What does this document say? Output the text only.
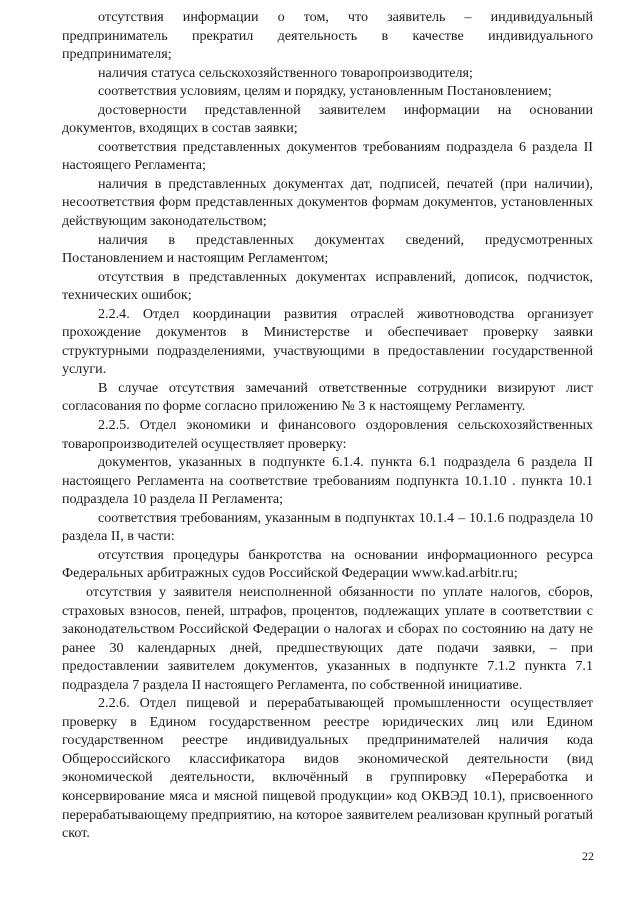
отсутствия информации о том, что заявитель – индивидуальный предприниматель прекратил деятельность в качестве индивидуального предпринимателя;

наличия статуса сельскохозяйственного товаропроизводителя;

соответствия условиям, целям и порядку, установленным Постановлением;

достоверности представленной заявителем информации на основании документов, входящих в состав заявки;

соответствия представленных документов требованиям подраздела 6 раздела II настоящего Регламента;

наличия в представленных документах дат, подписей, печатей (при наличии), несоответствия форм представленных документов формам документов, установленных действующим законодательством;

наличия в представленных документах сведений, предусмотренных Постановлением и настоящим Регламентом;

отсутствия в представленных документах исправлений, дописок, подчисток, технических ошибок;

2.2.4. Отдел координации развития отраслей животноводства организует прохождение документов в Министерстве и обеспечивает проверку заявки структурными подразделениями, участвующими в предоставлении государственной услуги.

В случае отсутствия замечаний ответственные сотрудники визируют лист согласования по форме согласно приложению № 3 к настоящему Регламенту.

2.2.5. Отдел экономики и финансового оздоровления сельскохозяйственных товаропроизводителей осуществляет проверку:

документов, указанных в подпункте 6.1.4. пункта 6.1 подраздела 6 раздела II настоящего Регламента на соответствие требованиям подпункта 10.1.10 . пункта 10.1 подраздела 10 раздела II Регламента;

соответствия требованиям, указанным в подпунктах 10.1.4 – 10.1.6 подраздела 10 раздела II, в части:

отсутствия процедуры банкротства на основании информационного ресурса Федеральных арбитражных судов Российской Федерации www.kad.arbitr.ru;

отсутствия у заявителя неисполненной обязанности по уплате налогов, сборов, страховых взносов, пеней, штрафов, процентов, подлежащих уплате в соответствии с законодательством Российской Федерации о налогах и сборах по состоянию на дату не ранее 30 календарных дней, предшествующих дате подачи заявки, – при предоставлении заявителем документов, указанных в подпункте 7.1.2 пункта 7.1 подраздела 7 раздела II настоящего Регламента, по собственной инициативе.

2.2.6. Отдел пищевой и перерабатывающей промышленности осуществляет проверку в Едином государственном реестре юридических лиц или Едином государственном реестре индивидуальных предпринимателей наличия кода Общероссийского классификатора видов экономической деятельности (вид экономической деятельности, включённый в группировку «Переработка и консервирование мяса и мясной пищевой продукции» код ОКВЭД 10.1), присвоенного перерабатывающему предприятию, на которое заявителем реализован крупный рогатый скот.

22
